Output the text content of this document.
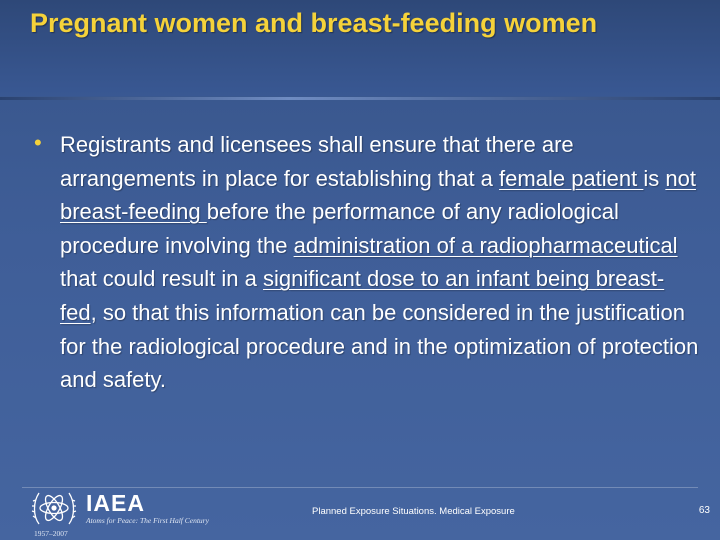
Pregnant women and breast-feeding women
• Registrants and licensees shall ensure that there are arrangements in place for establishing that a female patient is not breast-feeding before the performance of any radiological procedure involving the administration of a radiopharmaceutical that could result in a significant dose to an infant being breast-fed, so that this information can be considered in the justification for the radiological procedure and in the optimization of protection and safety.

IAEA
Atoms for Peace: The First Half Century
1957–2007
Planned Exposure Situations. Medical Exposure	63
